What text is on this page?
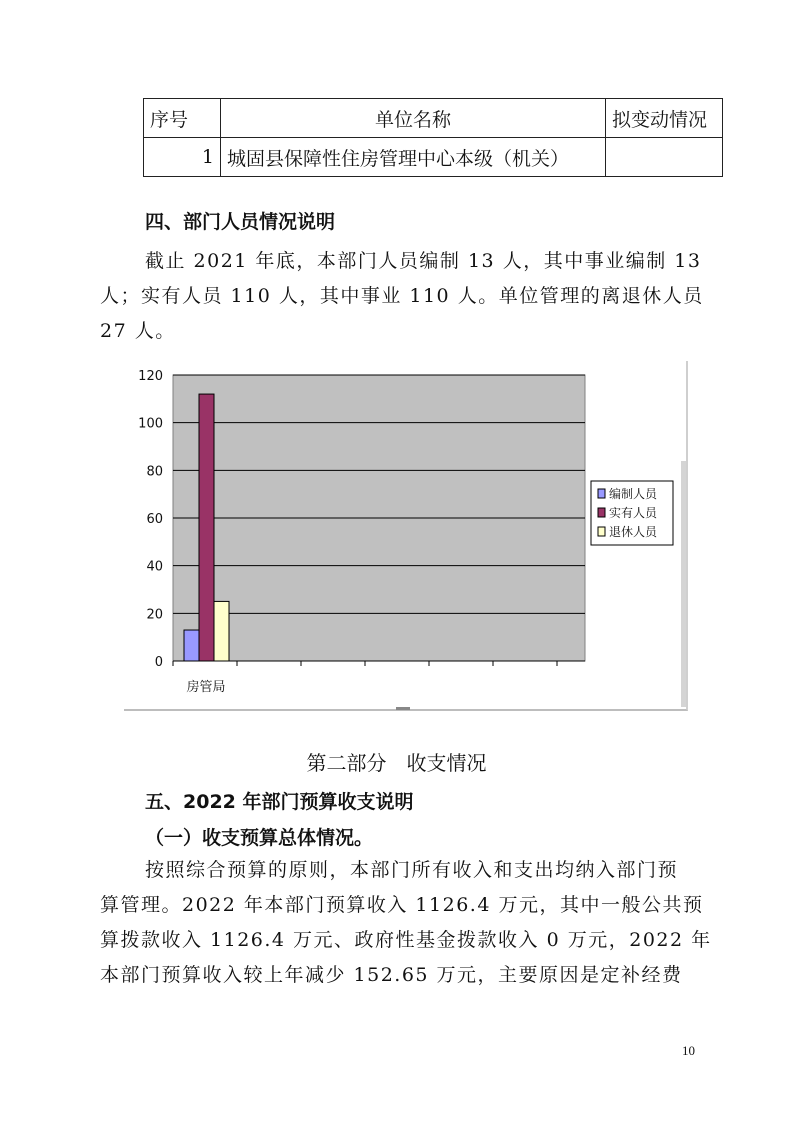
序号	单位名称	拟变动情况
1	城固县保障性住房管理中心本级（机关）	
四、部门人员情况说明

截止 2021 年底，本部门人员编制 13 人，其中事业编制 13

人；实有人员 110 人，其中事业 110 人。单位管理的离退休人员

27 人。

0
20
40
60
80
100
120
房管局
编制人员
实有人员
退休人员
第二部分　收支情况
五、2022 年部门预算收支说明
（一）收支预算总体情况。

按照综合预算的原则，本部门所有收入和支出均纳入部门预

算管理。2022 年本部门预算收入 1126.4 万元，其中一般公共预

算拨款收入 1126.4 万元、政府性基金拨款收入 0 万元，2022 年

本部门预算收入较上年减少 152.65 万元，主要原因是定补经费

10
